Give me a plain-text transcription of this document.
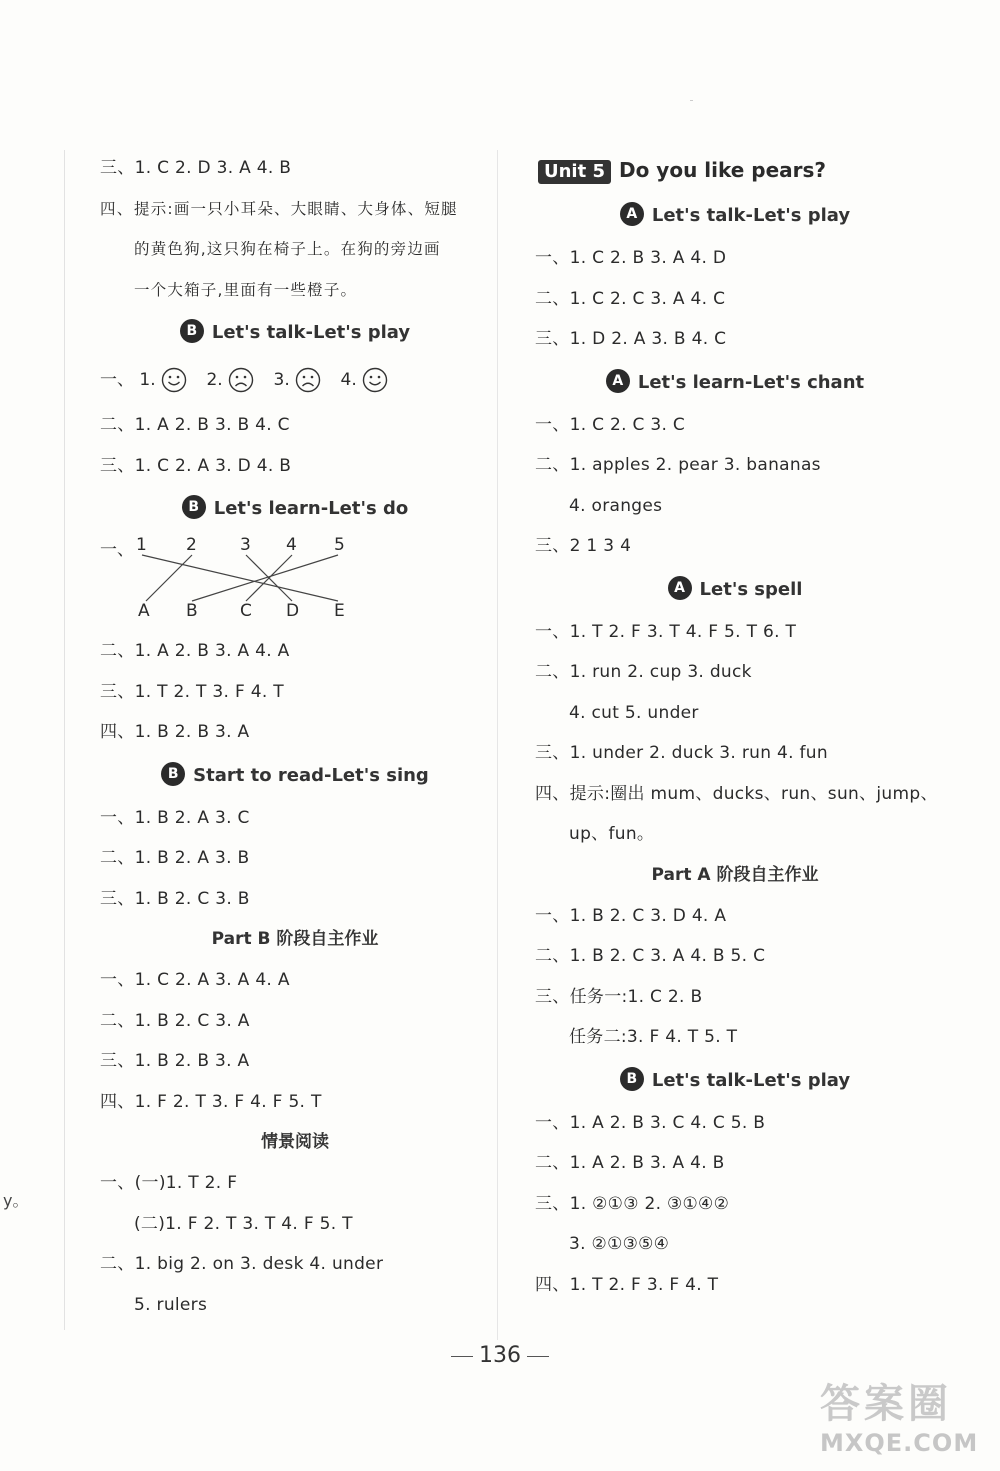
y。
三、1. C 2. D 3. A 4. B
四、提示:画一只小耳朵、大眼睛、大身体、短腿
的黄色狗,这只狗在椅子上。在狗的旁边画
一个大箱子,里面有一些橙子。
B Let's talk-Let's play
一、 1.	2.	3.	4.
二、1. A 2. B 3. B 4. C
三、1. C 2. A 3. D 4. B
B Let's learn-Let's do
一、 1 2	3 4 5
A B C D E
二、1. A 2. B 3. A 4. A
三、1. T 2. T 3. F 4. T
四、1. B 2. B 3. A
B Start to read-Let's sing
一、1. B 2. A 3. C
二、1. B 2. A 3. B
三、1. B 2. C 3. B
Part B 阶段自主作业
一、1. C 2. A 3. A 4. A
二、1. B 2. C 3. A
三、1. B 2. B 3. A
四、1. F 2. T 3. F 4. F 5. T
情景阅读
一、(一)1. T 2. F
(二)1. F 2. T 3. T 4. F 5. T
二、1. big 2. on 3. desk 4. under
5. rulers
Unit 5 Do you like pears?
A Let's talk-Let's play
一、1. C 2. B 3. A 4. D
二、1. C 2. C 3. A 4. C
三、1. D 2. A 3. B 4. C
A Let's learn-Let's chant
一、1. C 2. C 3. C
二、1. apples 2. pear 3. bananas
4. oranges
三、2 1 3 4
A Let's spell
一、1. T 2. F 3. T 4. F 5. T 6. T
二、1. run 2. cup 3. duck
4. cut 5. under
三、1. under 2. duck 3. run 4. fun
四、提示:圈出 mum、ducks、run、sun、jump、
up、fun。
Part A 阶段自主作业
一、1. B 2. C 3. D 4. A
二、1. B 2. C 3. A 4. B 5. C
三、任务一:1. C 2. B
任务二:3. F 4. T 5. T
B Let's talk-Let's play
一、1. A 2. B 3. C 4. C 5. B
二、1. A 2. B 3. A 4. B
三、1. ②①③ 2. ③①④②
3. ②①③⑤④
四、1. T 2. F 3. F 4. T
136
答案圈
MXQE.COM
